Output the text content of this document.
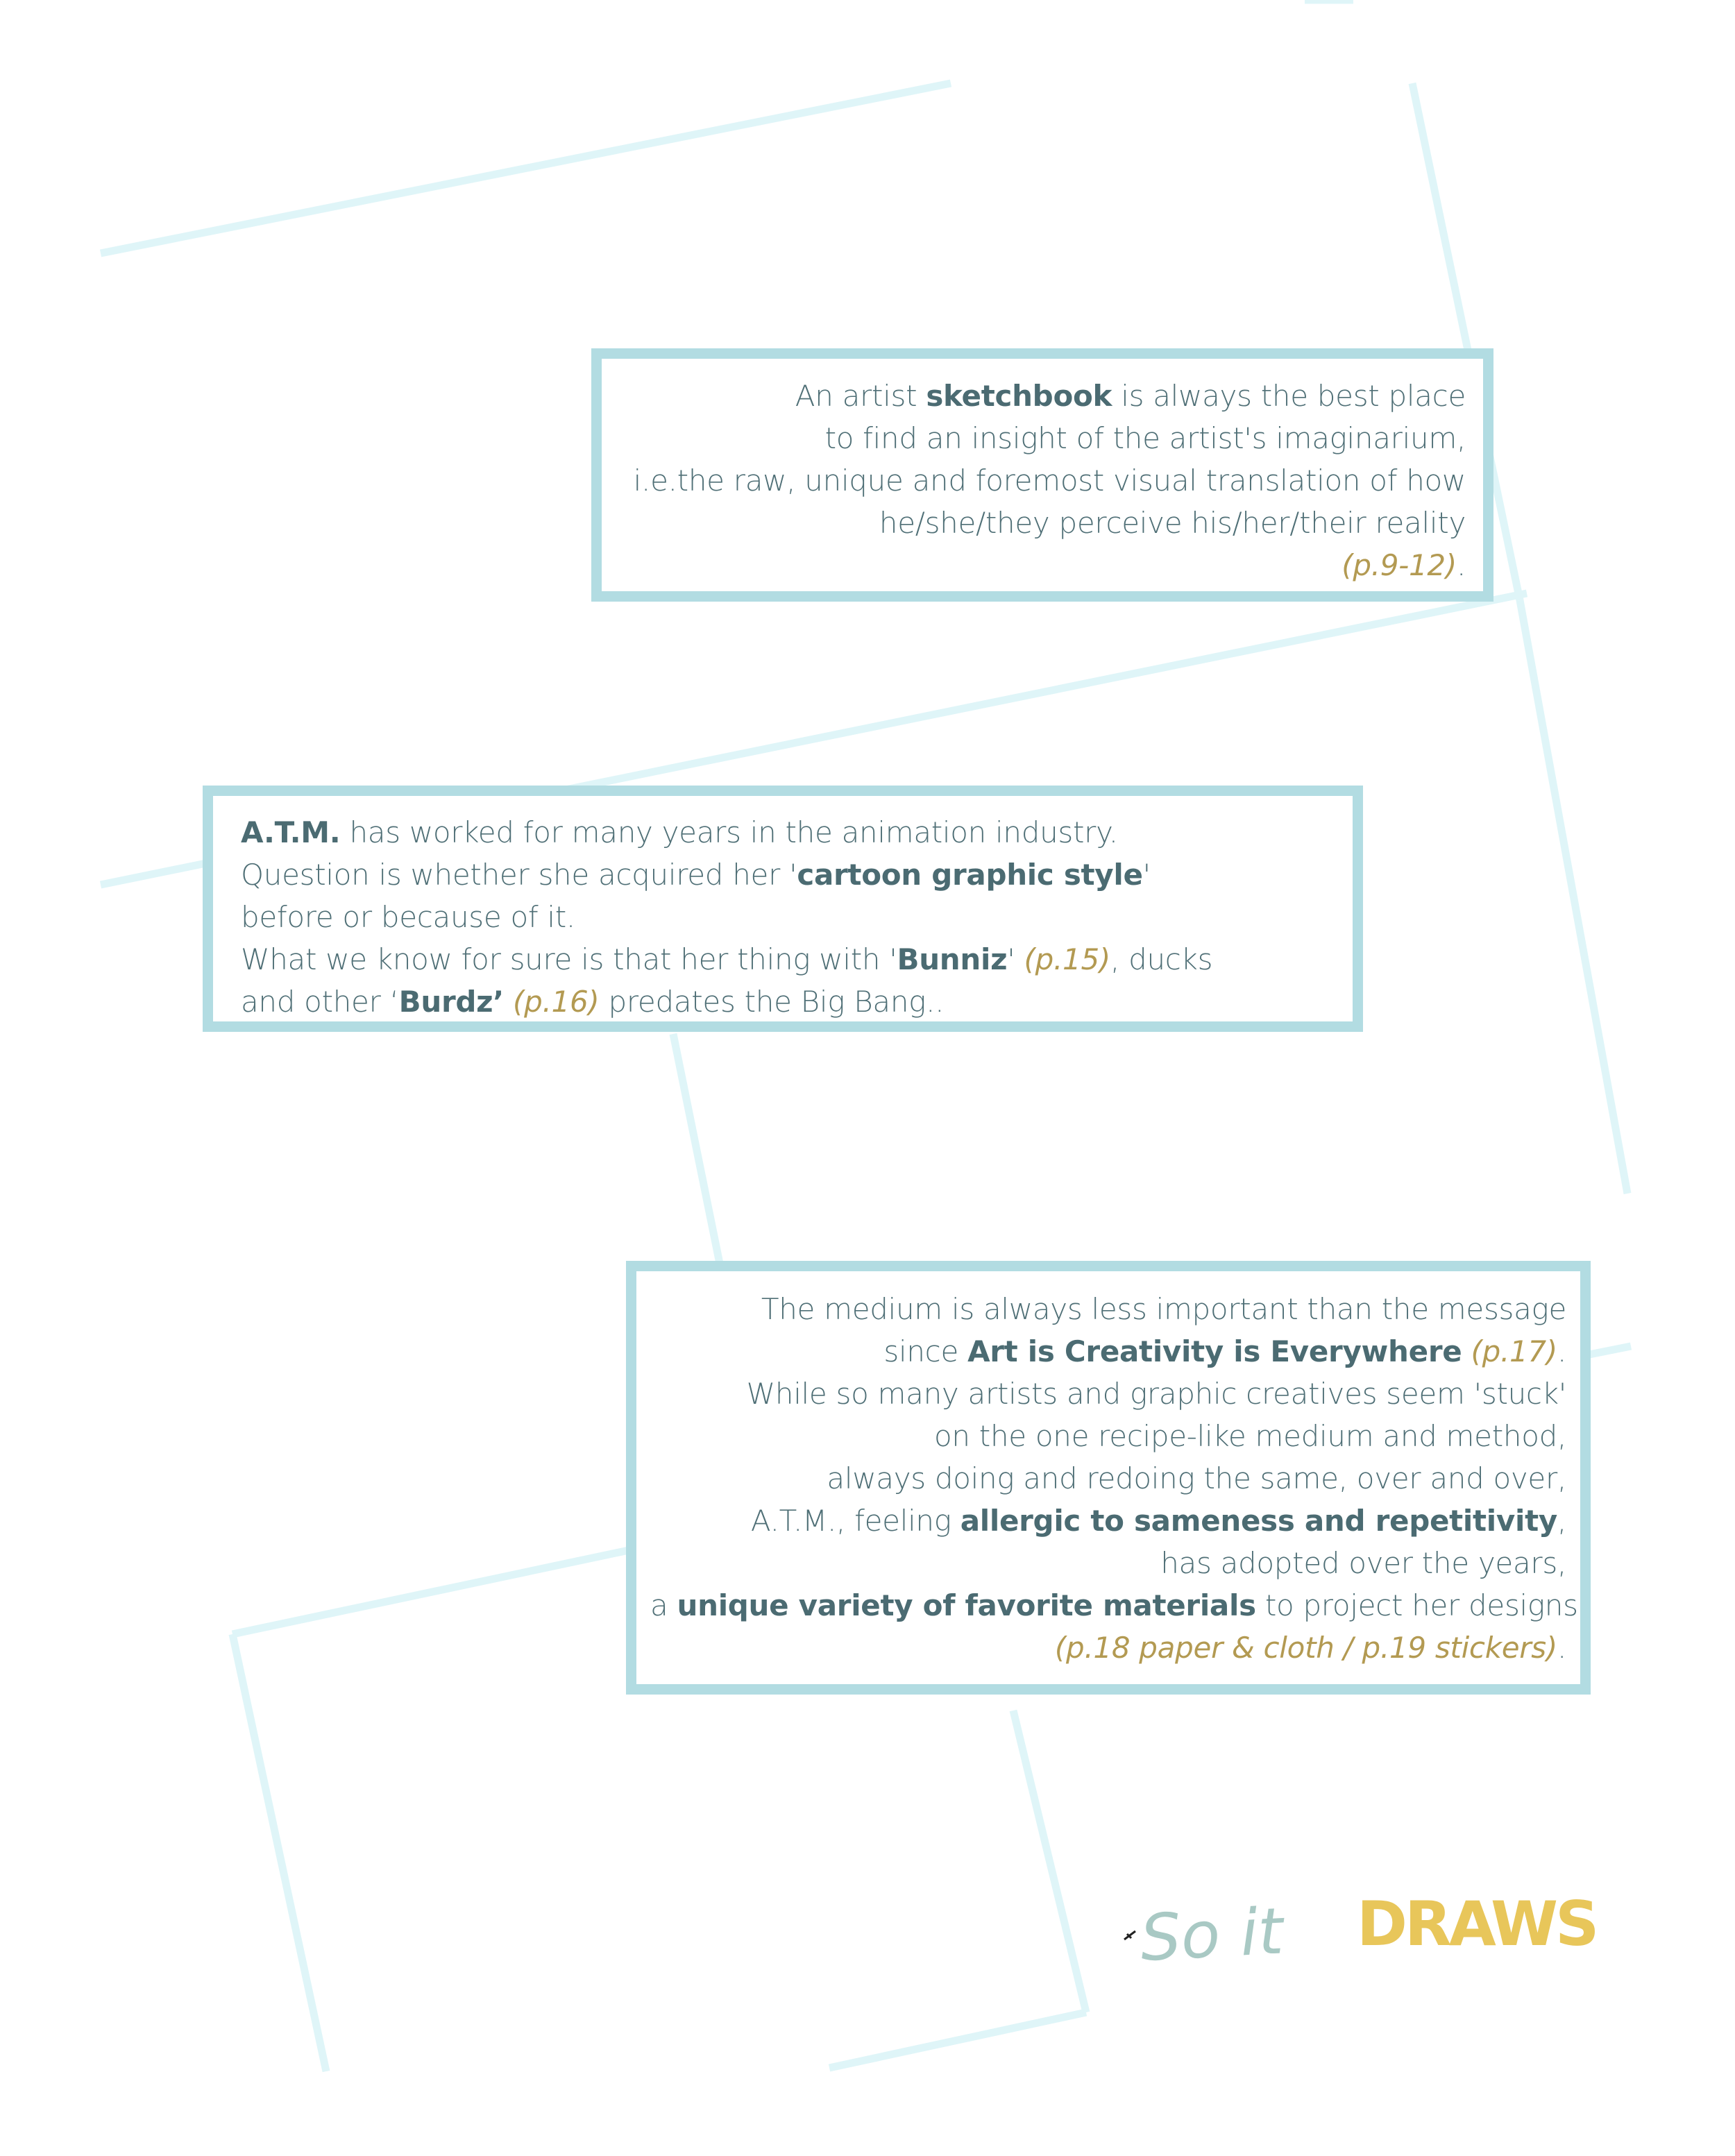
An artist sketchbook is always the best place

to find an insight of the artist's imaginarium,

i.e.the raw, unique and foremost visual translation of how

he/she/they perceive his/her/their reality

(p.9-12).

A.T.M. has worked for many years in the animation industry.

Question is whether she acquired her 'cartoon graphic style'

before or because of it.

What we know for sure is that her thing with 'Bunniz' (p.15), ducks

and other ‘Burdz’ (p.16) predates the Big Bang..

The medium is always less important than the message

since Art is Creativity is Everywhere (p.17).

While so many artists and graphic creatives seem 'stuck'

on the one recipe-like medium and method,

always doing and redoing the same, over and over,

A.T.M., feeling allergic to sameness and repetitivity,

has adopted over the years,

a unique variety of favorite materials to project her designs

(p.18 paper & cloth / p.19 stickers).

So it DRAWS
